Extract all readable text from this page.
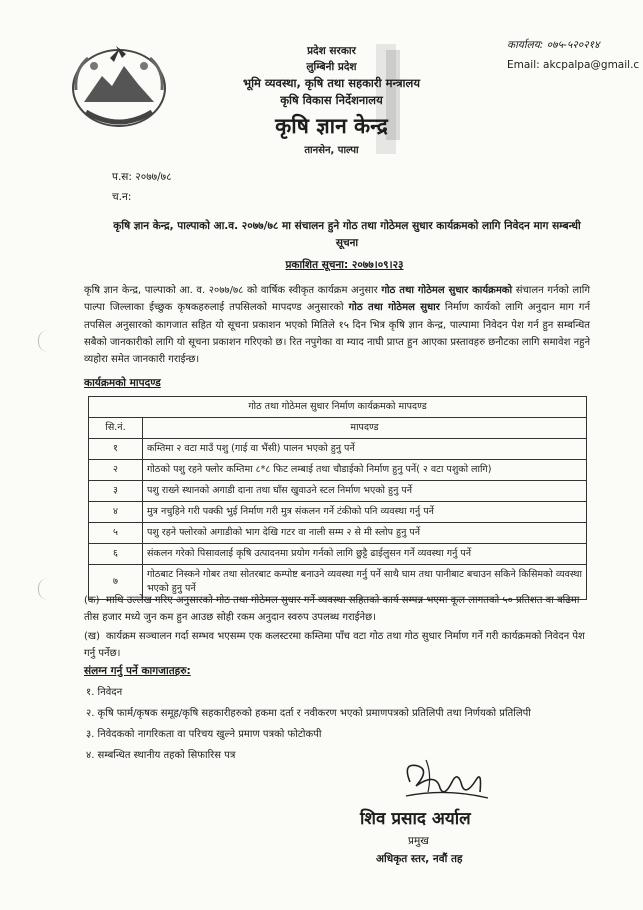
प्रदेश सरकार
लुम्बिनी प्रदेश
भूमि व्यवस्था, कृषि तथा सहकारी मन्त्रालय
कृषि विकास निर्देशनालय
कृषि ज्ञान केन्द्र
तानसेन, पाल्पा
कार्यालय: ०७५-५२०२१४
Email: akcpalpa@gmail.c
प.स: २०७७/७८
च.न:
कृषि ज्ञान केन्द्र, पाल्पाको आ.व. २०७७/७८ मा संचालन हुने गोठ तथा गोठेमल सुधार कार्यक्रमको लागि निवेदन माग सम्बन्धी सूचना
प्रकाशित सूचना: २०७७।०९।२३
कृषि ज्ञान केन्द्र, पाल्पाको आ. व. २०७७/७८ को वार्षिक स्वीकृत कार्यक्रम अनुसार गोठ तथा गोठेमल सुधार कार्यक्रमको संचालन गर्नको लागि पाल्पा जिल्लाका ईच्छुक कृषकहरुलाई तपसिलको मापदण्ड अनुसारको गोठ तथा गोठेमल सुधार निर्माण कार्यको लागि अनुदान माग गर्न तपसिल अनुसारको कागजात सहित यो सूचना प्रकाशन भएको मितिले १५ दिन भित्र कृषि ज्ञान केन्द्र, पाल्पामा निवेदन पेश गर्न हुन सम्बन्धित सबैको जानकारीको लागि यो सूचना प्रकाशन गरिएको छ। रित नपुगेका वा म्याद नाघी प्राप्त हुन आएका प्रस्तावहरु छनौटका लागि समावेश नहुने व्यहोरा समेत जानकारी गराईन्छ।
कार्यक्रमको मापदण्ड
गोठ तथा गोठेमल सुधार निर्माण कार्यक्रमको मापदण्ड	
सि.नं.	मापदण्ड
१	कम्तिमा २ वटा माउँ पशु (गाई वा भैंसी) पालन भएको हुनु पर्ने
२	गोठको पशु रहने फ्लोर कम्तिमा ८*८ फिट लम्बाई तथा चौडाईको निर्माण हुनु पर्ने( २ वटा पशुको लागि)
३	पशु राख्ने स्थानको अगाडी दाना तथा घाँस खुवाउने स्टल निर्माण भएको हुनु पर्ने
४	मुत्र नचुहिने गरी पक्की भुई निर्माण गरी मुत्र संकलन गर्ने टंकीको पनि व्यवस्था गर्नु पर्ने
५	पशु रहने फ्लोरको अगाडीको भाग देखि गटर वा नाली सम्म २ से मी स्लोप हुनु पर्ने
६	संकलन गरेको पिसावलाई कृषि उत्पादनमा प्रयोग गर्नको लागि छुट्टै ढाईलुसन गर्ने व्यवस्था गर्नु पर्ने
७	गोठबाट निस्कने गोबर तथा सोतरबाट कम्पोष्ट बनाउने व्यवस्था गर्नु पर्ने साथै घाम तथा पानीबाट बचाउन सकिने किसिमको व्यवस्था भएको हुनु पर्ने
(क) माथि उल्लेख गरिए अनुसारको गोठ तथा गोठेमल सुधार गर्ने व्यवस्था सहितको कार्य सम्पन्न भएमा कूल लागतको ५० प्रतिशत वा बढिमा तीस हजार मध्ये जुन कम हुन आउछ सोही रकम अनुदान स्वरुप उपलब्ध गराईनेछ।
(ख) कार्यक्रम सञ्चालन गर्दा सम्भव भएसम्म एक कलस्टरमा कम्तिमा पाँच वटा गोठ तथा गोठ सुधार निर्माण गर्ने गरी कार्यक्रमको निवेदन पेश गर्नु पर्नेछ।
संलग्न गर्नु पर्ने कागजातहरु:
१. निवेदन
२. कृषि फार्म/कृषक समूह/कृषि सहकारीहरुको हकमा दर्ता र नवीकरण भएको प्रमाणपत्रको प्रतिलिपी तथा निर्णयको प्रतिलिपी
३. निवेदकको नागरिकता वा परिचय खुल्ने प्रमाण पत्रको फोटोकपी
४. सम्बन्धित स्थानीय तहको सिफारिस पत्र
शिव प्रसाद अर्याल
प्रमुख
अधिकृत स्तर, नवौं तह
